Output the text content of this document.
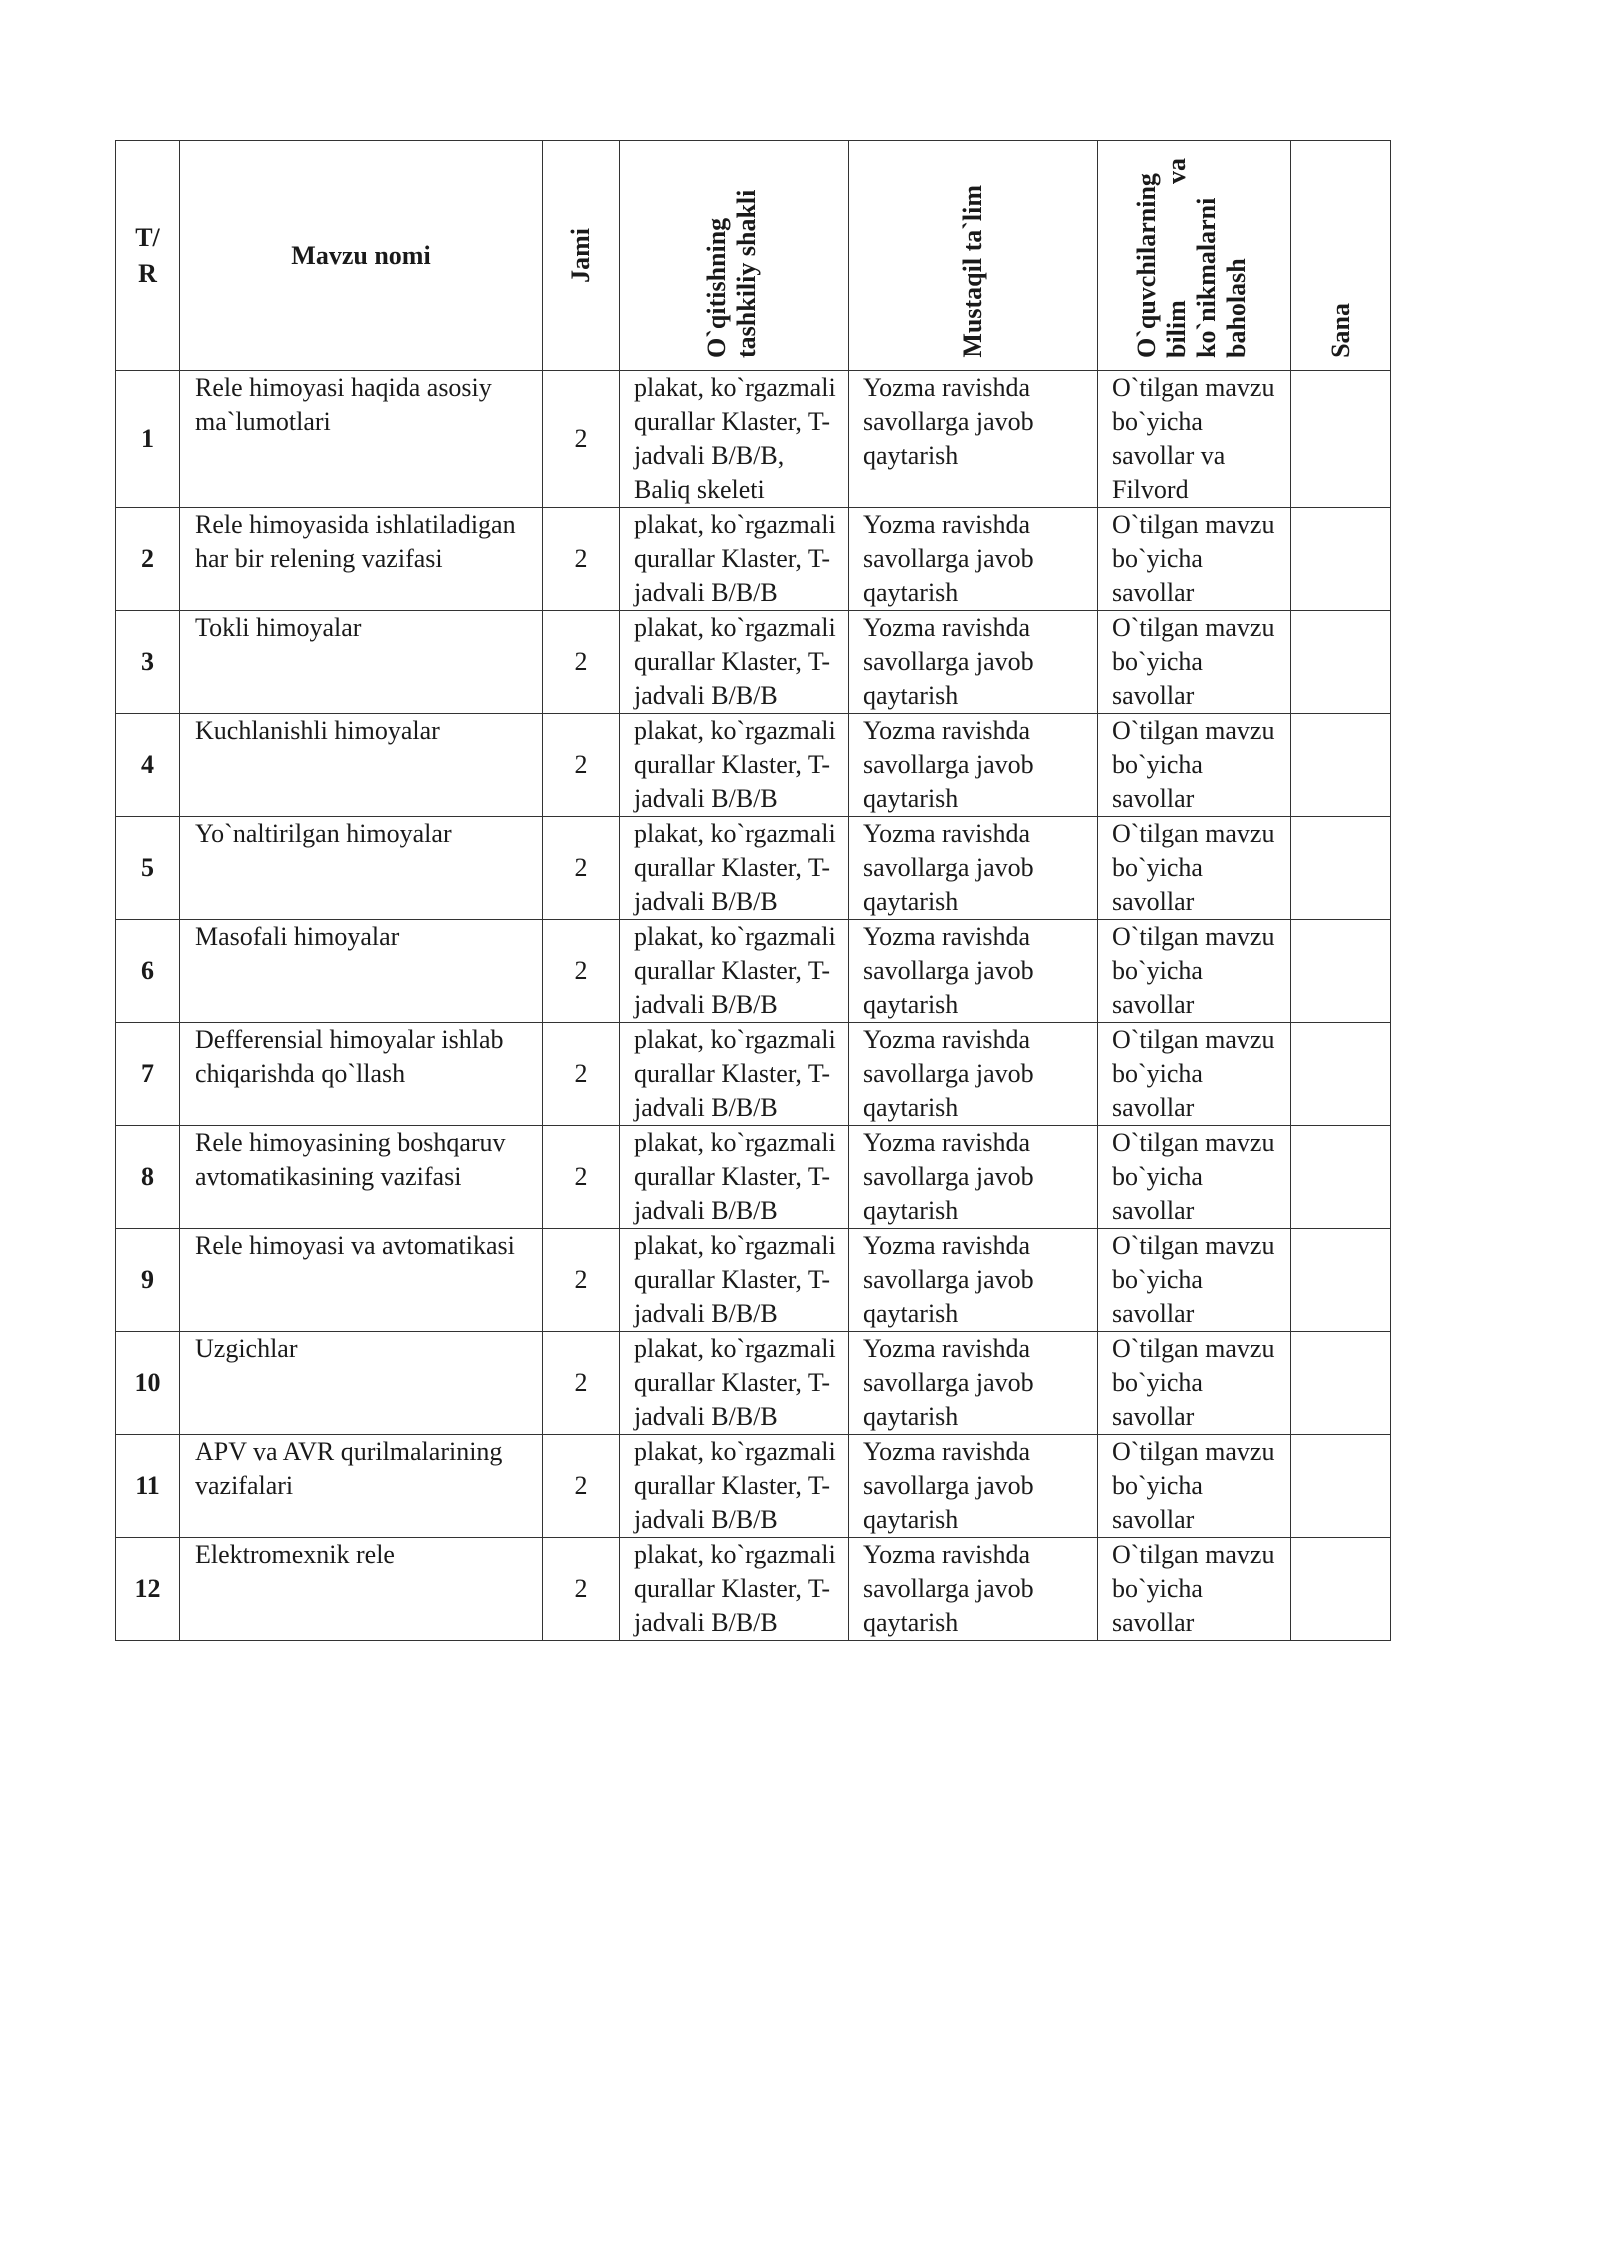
T/R	Mavzu nomi	Jami	O`qitishning tashkiliy shakli	Mustaqil ta`lim	O`quvchilarning bilim va ko`nikmalarni baholash	Sana

1	Rele himoyasi haqida asosiy ma`lumotlari	2	plakat, ko`rgazmali qurallar Klaster, T-jadvali B/B/B, Baliq skeleti	Yozma ravishda savollarga javob qaytarish	O`tilgan mavzu bo`yicha savollar va Filvord	

2	Rele himoyasida ishlatiladigan har bir relening vazifasi	2	plakat, ko`rgazmali qurallar Klaster, T-jadvali B/B/B	Yozma ravishda savollarga javob qaytarish	O`tilgan mavzu bo`yicha savollar	

3	Tokli himoyalar	2	plakat, ko`rgazmali qurallar Klaster, T-jadvali B/B/B	Yozma ravishda savollarga javob qaytarish	O`tilgan mavzu bo`yicha savollar	

4	Kuchlanishli himoyalar	2	plakat, ko`rgazmali qurallar Klaster, T-jadvali B/B/B	Yozma ravishda savollarga javob qaytarish	O`tilgan mavzu bo`yicha savollar	

5	Yo`naltirilgan himoyalar	2	plakat, ko`rgazmali qurallar Klaster, T-jadvali B/B/B	Yozma ravishda savollarga javob qaytarish	O`tilgan mavzu bo`yicha savollar	

6	Masofali himoyalar	2	plakat, ko`rgazmali qurallar Klaster, T-jadvali B/B/B	Yozma ravishda savollarga javob qaytarish	O`tilgan mavzu bo`yicha savollar	

7	Defferensial himoyalar ishlab chiqarishda qo`llash	2	plakat, ko`rgazmali qurallar Klaster, T-jadvali B/B/B	Yozma ravishda savollarga javob qaytarish	O`tilgan mavzu bo`yicha savollar	

8	Rele himoyasining boshqaruv avtomatikasining vazifasi	2	plakat, ko`rgazmali qurallar Klaster, T-jadvali B/B/B	Yozma ravishda savollarga javob qaytarish	O`tilgan mavzu bo`yicha savollar	

9	Rele himoyasi va avtomatikasi	2	plakat, ko`rgazmali qurallar Klaster, T-jadvali B/B/B	Yozma ravishda savollarga javob qaytarish	O`tilgan mavzu bo`yicha savollar	

10	Uzgichlar	2	plakat, ko`rgazmali qurallar Klaster, T-jadvali B/B/B	Yozma ravishda savollarga javob qaytarish	O`tilgan mavzu bo`yicha savollar	

11	APV va AVR qurilmalarining vazifalari	2	plakat, ko`rgazmali qurallar Klaster, T-jadvali B/B/B	Yozma ravishda savollarga javob qaytarish	O`tilgan mavzu bo`yicha savollar	

12	Elektromexnik rele	2	plakat, ko`rgazmali qurallar Klaster, T-jadvali B/B/B	Yozma ravishda savollarga javob qaytarish	O`tilgan mavzu bo`yicha savollar	
